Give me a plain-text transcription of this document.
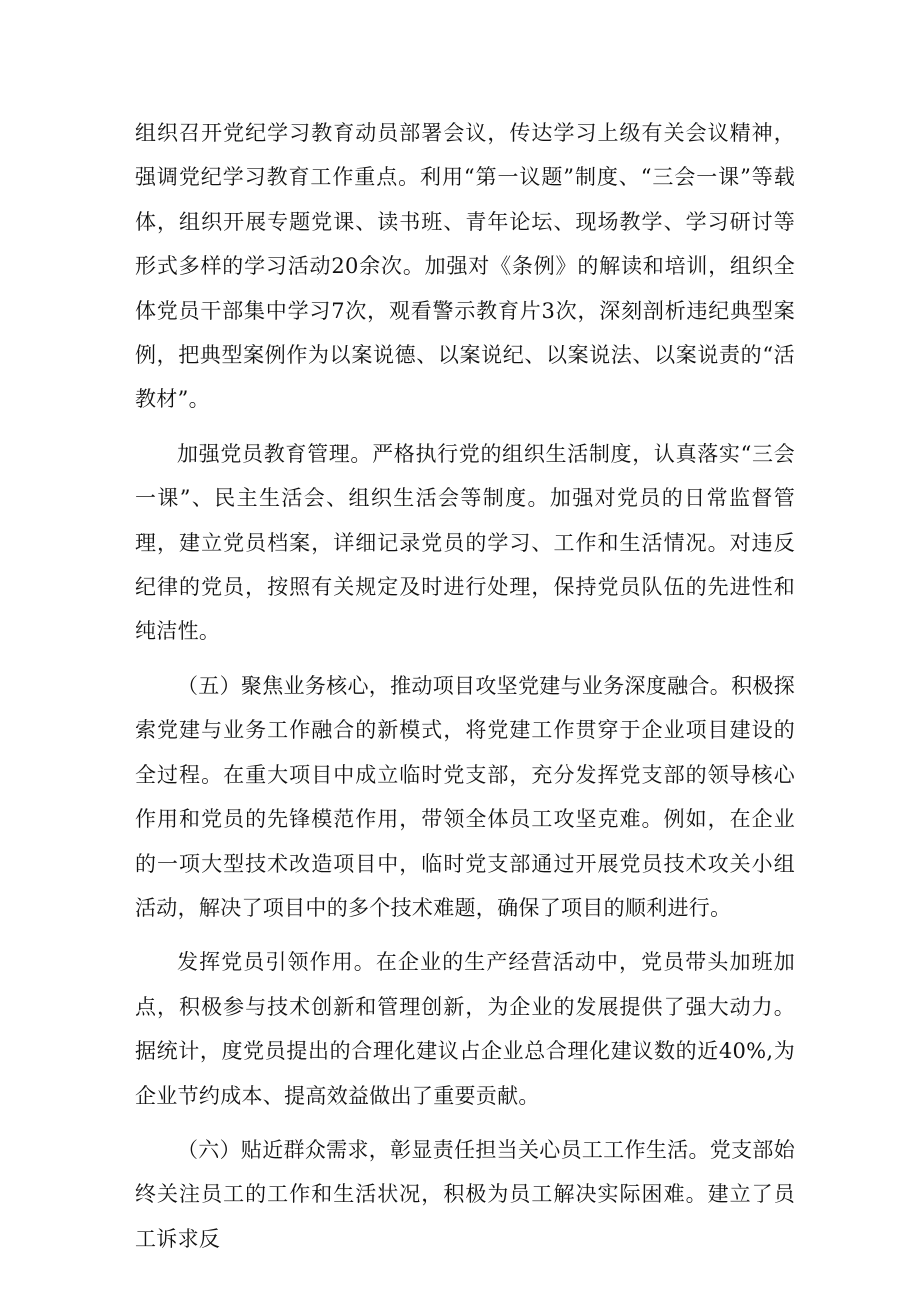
组织召开党纪学习教育动员部署会议，传达学习上级有关会议精神，强调党纪学习教育工作重点。利用“第一议题”制度、“三会一课”等载体，组织开展专题党课、读书班、青年论坛、现场教学、学习研讨等形式多样的学习活动20余次。加强对《条例》的解读和培训，组织全体党员干部集中学习7次，观看警示教育片3次，深刻剖析违纪典型案例，把典型案例作为以案说德、以案说纪、以案说法、以案说责的“活教材”。

加强党员教育管理。严格执行党的组织生活制度，认真落实“三会一课”、民主生活会、组织生活会等制度。加强对党员的日常监督管理，建立党员档案，详细记录党员的学习、工作和生活情况。对违反纪律的党员，按照有关规定及时进行处理，保持党员队伍的先进性和纯洁性。

（五）聚焦业务核心，推动项目攻坚党建与业务深度融合。积极探索党建与业务工作融合的新模式，将党建工作贯穿于企业项目建设的全过程。在重大项目中成立临时党支部，充分发挥党支部的领导核心作用和党员的先锋模范作用，带领全体员工攻坚克难。例如，在企业的一项大型技术改造项目中，临时党支部通过开展党员技术攻关小组活动，解决了项目中的多个技术难题，确保了项目的顺利进行。

发挥党员引领作用。在企业的生产经营活动中，党员带头加班加点，积极参与技术创新和管理创新，为企业的发展提供了强大动力。据统计，度党员提出的合理化建议占企业总合理化建议数的近40%,为企业节约成本、提高效益做出了重要贡献。

（六）贴近群众需求，彰显责任担当关心员工工作生活。党支部始终关注员工的工作和生活状况，积极为员工解决实际困难。建立了员工诉求反
